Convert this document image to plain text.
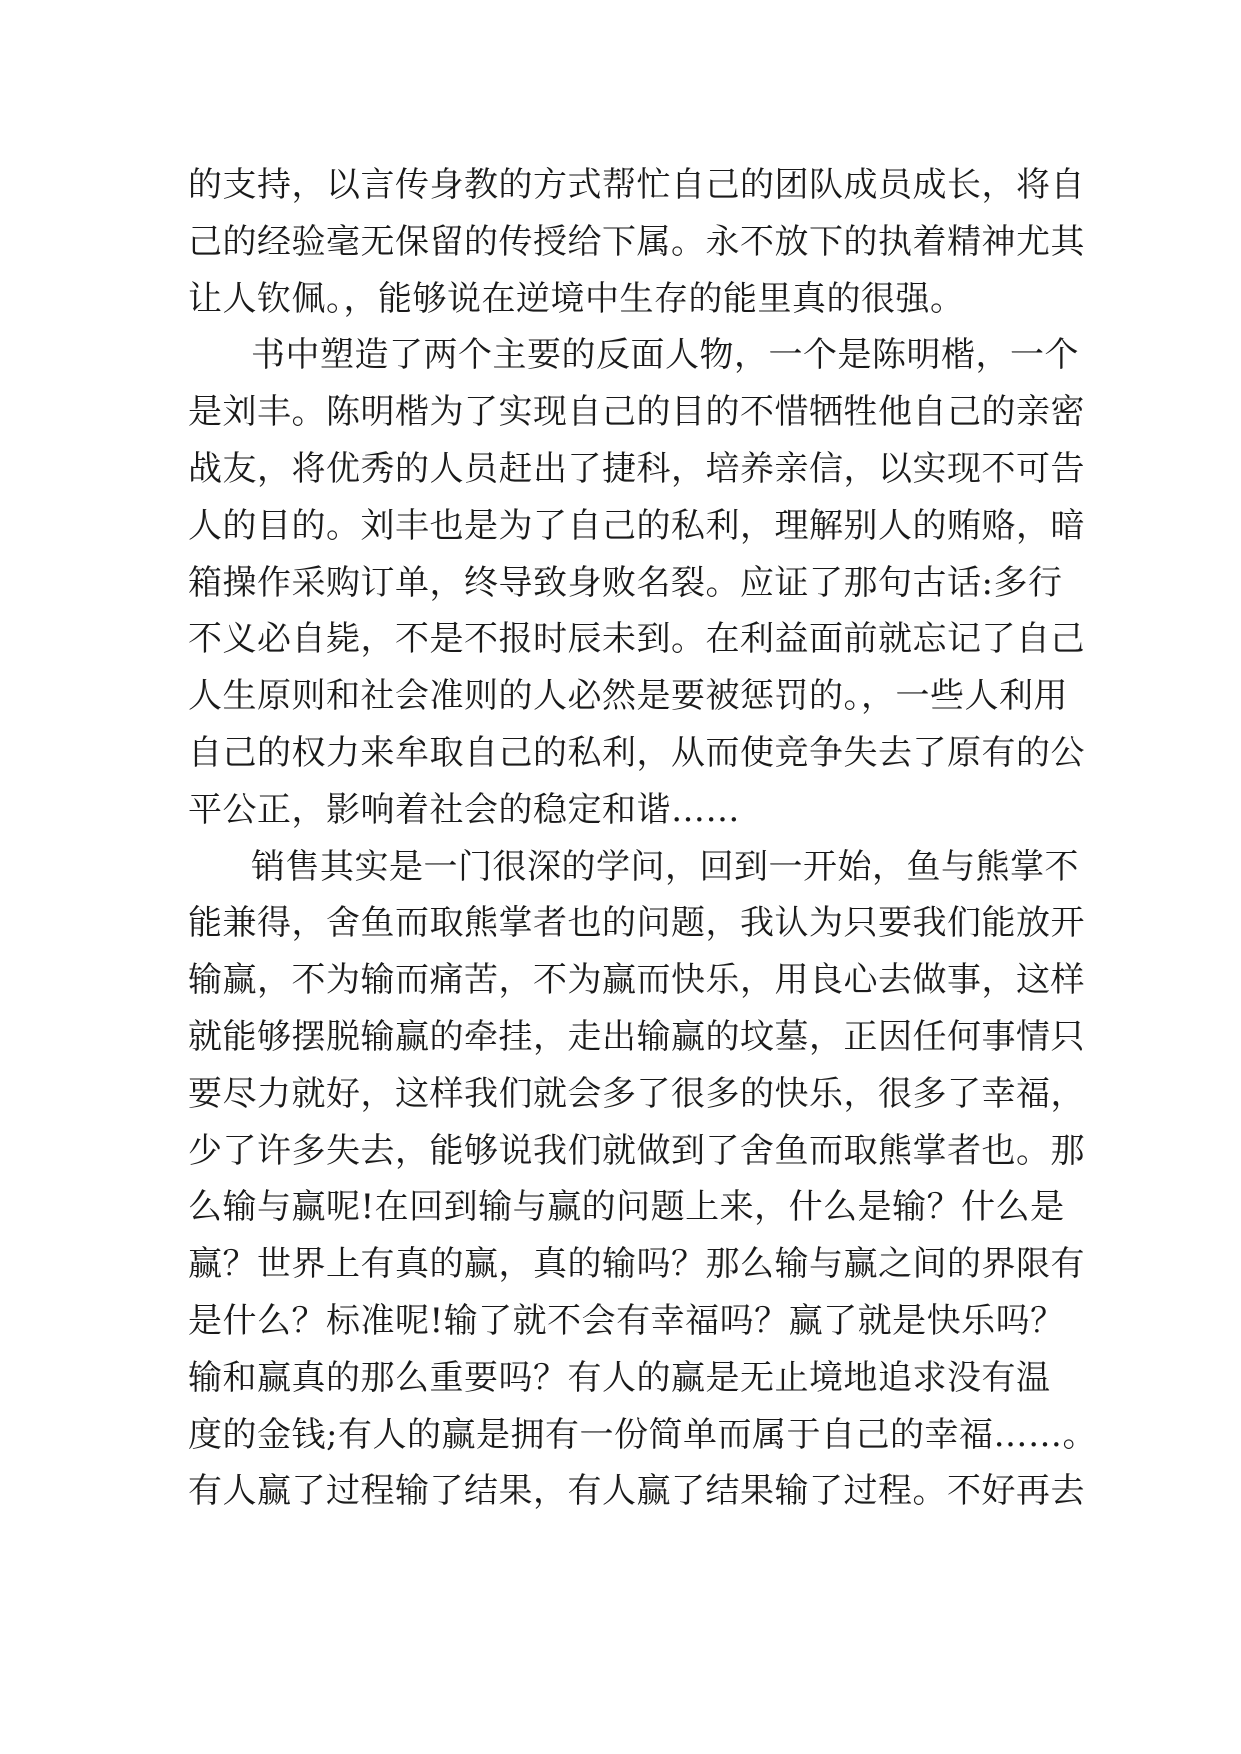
的支持，以言传身教的方式帮忙自己的团队成员成长，将自
己的经验毫无保留的传授给下属。永不放下的执着精神尤其
让人钦佩。，能够说在逆境中生存的能里真的很强。
书中塑造了两个主要的反面人物，一个是陈明楷，一个
是刘丰。陈明楷为了实现自己的目的不惜牺牲他自己的亲密
战友，将优秀的人员赶出了捷科，培养亲信，以实现不可告
人的目的。刘丰也是为了自己的私利，理解别人的贿赂，暗
箱操作采购订单，终导致身败名裂。应证了那句古话:多行
不义必自毙，不是不报时辰未到。在利益面前就忘记了自己
人生原则和社会准则的人必然是要被惩罚的。，一些人利用
自己的权力来牟取自己的私利，从而使竞争失去了原有的公
平公正，影响着社会的稳定和谐……
销售其实是一门很深的学问，回到一开始，鱼与熊掌不
能兼得，舍鱼而取熊掌者也的问题，我认为只要我们能放开
输赢，不为输而痛苦，不为赢而快乐，用良心去做事，这样
就能够摆脱输赢的牵挂，走出输赢的坟墓，正因任何事情只
要尽力就好，这样我们就会多了很多的快乐，很多了幸福，
少了许多失去，能够说我们就做到了舍鱼而取熊掌者也。那
么输与赢呢!在回到输与赢的问题上来，什么是输？什么是
赢？世界上有真的赢，真的输吗？那么输与赢之间的界限有
是什么？标准呢!输了就不会有幸福吗？赢了就是快乐吗？
输和赢真的那么重要吗？有人的赢是无止境地追求没有温
度的金钱;有人的赢是拥有一份简单而属于自己的幸福……。
有人赢了过程输了结果，有人赢了结果输了过程。不好再去
